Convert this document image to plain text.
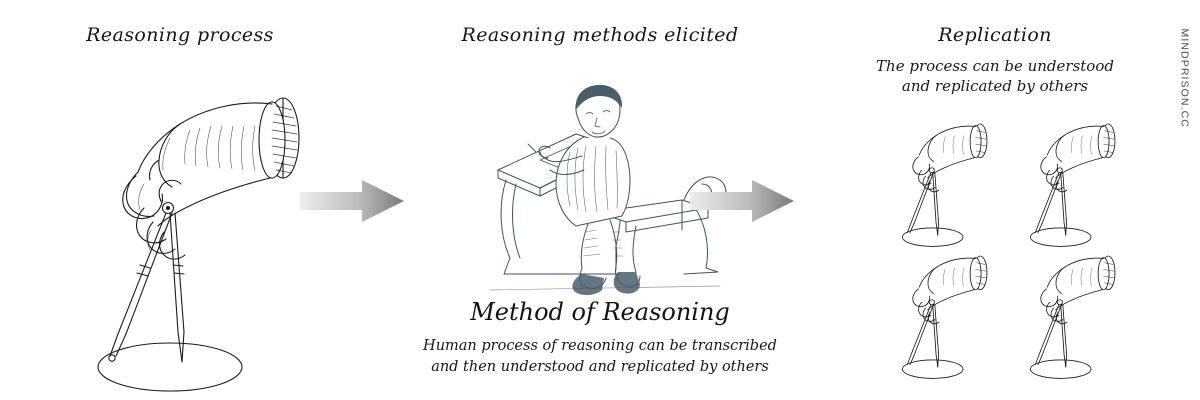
Reasoning process	Reasoning methods elicited
Method of Reasoning
Human process of reasoning can be transcribed
and then understood and replicated by others
Replication
The process can be understood
and replicated by others	MINDPRISON.CC
